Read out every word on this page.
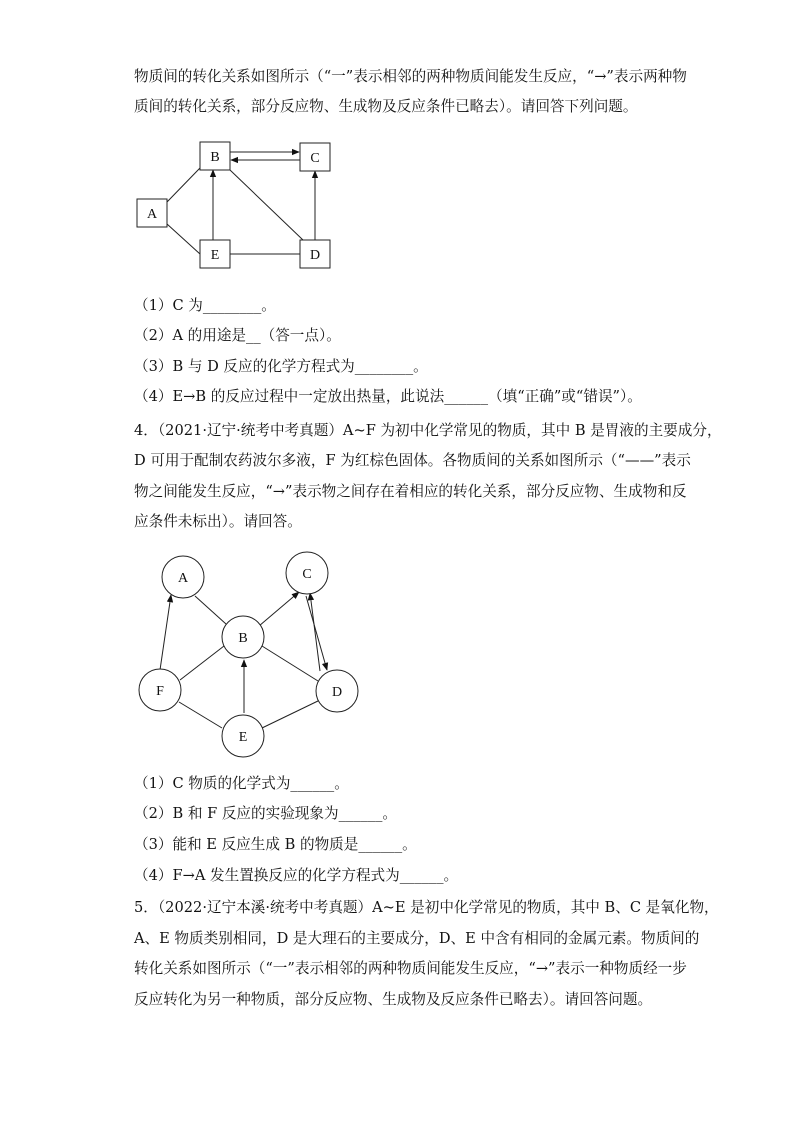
物质间的转化关系如图所示（“一”表示相邻的两种物质间能发生反应，“→”表示两种物
质间的转化关系，部分反应物、生成物及反应条件已略去）。请回答下列问题。
B	C
A
E	D
A	C
B
F	D
E
（1）C 为________。
（2）A 的用途是__（答一点）。
（3）B 与 D 反应的化学方程式为________。
（4）E→B 的反应过程中一定放出热量，此说法______（填“正确”或“错误”）。
4．（2021·辽宁·统考中考真题）A~F 为初中化学常见的物质，其中 B 是胃液的主要成分，
D 可用于配制农药波尔多液，F 为红棕色固体。各物质间的关系如图所示（“——”表示
物之间能发生反应，“→”表示物之间存在着相应的转化关系，部分反应物、生成物和反
应条件未标出）。请回答。
（1）C 物质的化学式为______。
（2）B 和 F 反应的实验现象为______。
（3）能和 E 反应生成 B 的物质是______。
（4）F→A 发生置换反应的化学方程式为______。
5．（2022·辽宁本溪·统考中考真题）A~E 是初中化学常见的物质，其中 B、C 是氧化物，
A、E 物质类别相同，D 是大理石的主要成分，D、E 中含有相同的金属元素。物质间的
转化关系如图所示（“一”表示相邻的两种物质间能发生反应，“→”表示一种物质经一步
反应转化为另一种物质，部分反应物、生成物及反应条件已略去）。请回答问题。
